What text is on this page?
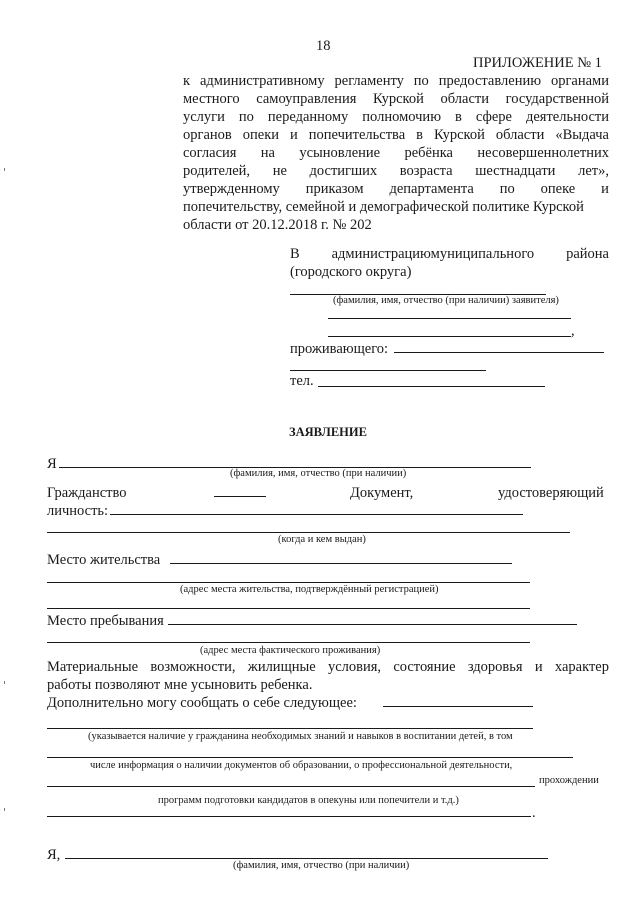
18
ПРИЛОЖЕНИЕ № 1
к административному регламенту по предоставлению органами
местного самоуправления Курской области государственной
услуги по переданному полномочию в сфере деятельности
органов опеки и попечительства в Курской области «Выдача
согласия на усыновление ребёнка несовершеннолетних
родителей, не достигших возраста шестнадцати лет»,
утвержденному приказом департамента по опеке и
попечительству, семейной и демографической политике Курской
области от 20.12.2018 г. № 202
В администрациюмуниципального района
(городского округа)
(фамилия, имя, отчество (при наличии) заявителя)
,
проживающего:
тел.
ЗАЯВЛЕНИЕ
Я
(фамилия, имя, отчество (при наличии)
Гражданство	Документ,	удостоверяющий
личность:
(когда и кем выдан)
Место жительства
(адрес места жительства, подтверждённый регистрацией)
Место пребывания
(адрес места фактического проживания)
Материальные возможности, жилищные условия, состояние здоровья и характер
работы позволяют мне усыновить ребенка.
Дополнительно могу сообщать о себе следующее:
(указывается наличие у гражданина необходимых знаний и навыков в воспитании детей, в том
числе информация о наличии документов об образовании, о профессиональной деятельности,
прохождении
программ подготовки кандидатов в опекуны или попечители и т.д.)
.
Я,
(фамилия, имя, отчество (при наличии)
